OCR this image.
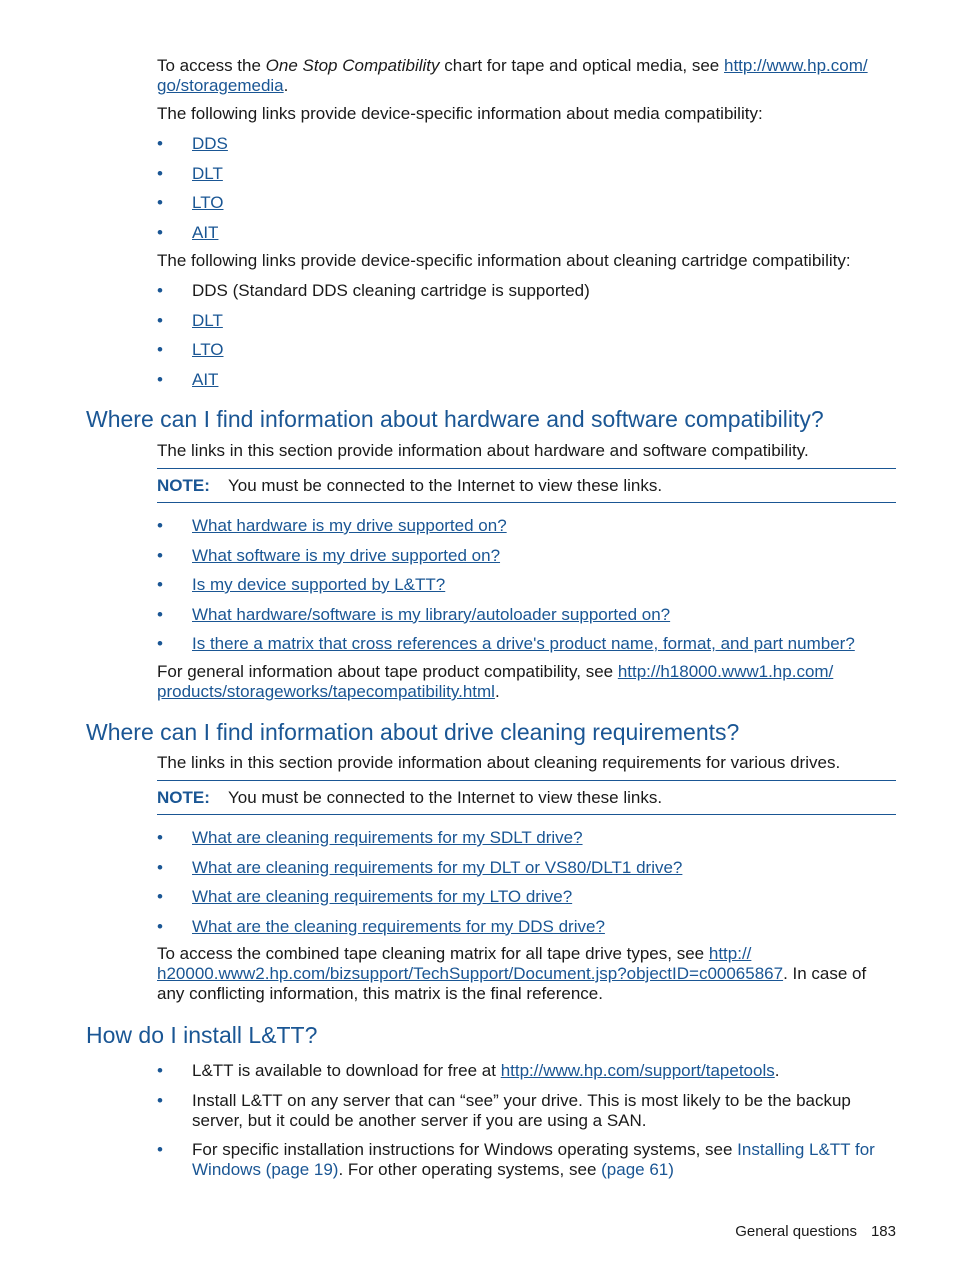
To access the One Stop Compatibility chart for tape and optical media, see http://www.hp.com/
go/storagemedia.
The following links provide device-specific information about media compatibility:
• DDS
• DLT
• LTO
• AIT
The following links provide device-specific information about cleaning cartridge compatibility:
• DDS (Standard DDS cleaning cartridge is supported)
• DLT
• LTO
• AIT
Where can I find information about hardware and software compatibility?
The links in this section provide information about hardware and software compatibility.
NOTE: You must be connected to the Internet to view these links.
• What hardware is my drive supported on?
• What software is my drive supported on?
• Is my device supported by L&TT?
• What hardware/software is my library/autoloader supported on?
• Is there a matrix that cross references a drive's product name, format, and part number?
For general information about tape product compatibility, see http://h18000.www1.hp.com/
products/storageworks/tapecompatibility.html.
Where can I find information about drive cleaning requirements?
The links in this section provide information about cleaning requirements for various drives.
NOTE: You must be connected to the Internet to view these links.
• What are cleaning requirements for my SDLT drive?
• What are cleaning requirements for my DLT or VS80/DLT1 drive?
• What are cleaning requirements for my LTO drive?
• What are the cleaning requirements for my DDS drive?
To access the combined tape cleaning matrix for all tape drive types, see http://
h20000.www2.hp.com/bizsupport/TechSupport/Document.jsp?objectID=c00065867. In case of any conflicting information, this matrix is the final reference.
How do I install L&TT?
• L&TT is available to download for free at http://www.hp.com/support/tapetools.
• Install L&TT on any server that can “see” your drive. This is most likely to be the backup server, but it could be another server if you are using a SAN.
• For specific installation instructions for Windows operating systems, see Installing L&TT for Windows (page 19). For other operating systems, see (page 61)
General questions 183
